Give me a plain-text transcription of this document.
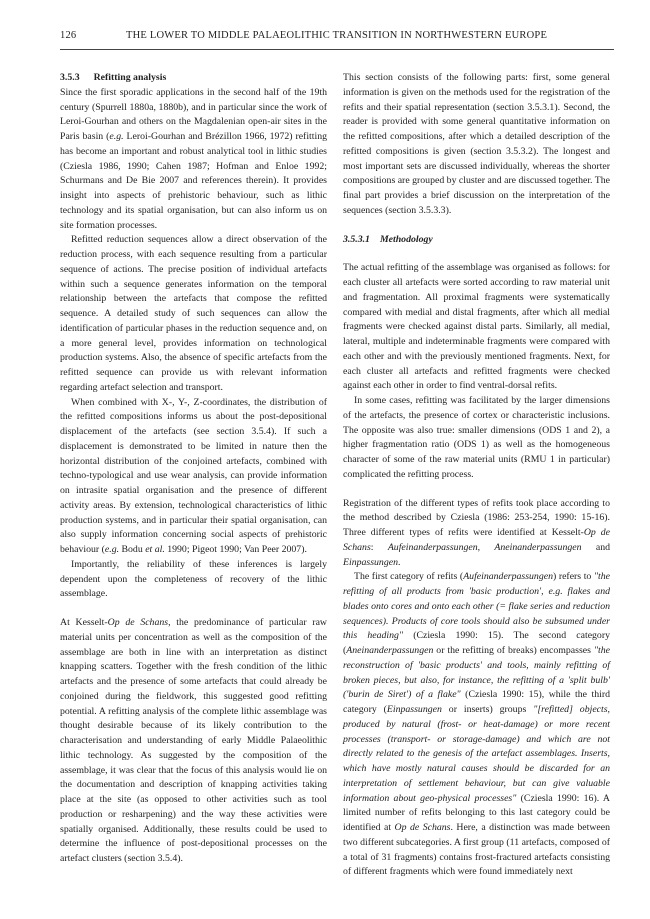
126	THE LOWER TO MIDDLE PALAEOLITHIC TRANSITION IN NORTHWESTERN EUROPE

3.5.3 Refitting analysis

Since the first sporadic applications in the second half of the 19th century (Spurrell 1880a, 1880b), and in particular since the work of Leroi-Gourhan and others on the Magdalenian open-air sites in the Paris basin (e.g. Leroi-Gourhan and Brézillon 1966, 1972) refitting has become an important and robust analytical tool in lithic studies (Cziesla 1986, 1990; Cahen 1987; Hofman and Enloe 1992; Schurmans and De Bie 2007 and references therein). It provides insight into aspects of prehistoric behaviour, such as lithic technology and its spatial organisation, but can also inform us on site formation processes.

Refitted reduction sequences allow a direct observation of the reduction process, with each sequence resulting from a particular sequence of actions. The precise position of individual artefacts within such a sequence generates information on the temporal relationship between the artefacts that compose the refitted sequence. A detailed study of such sequences can allow the identification of particular phases in the reduction sequence and, on a more general level, provides information on technological production systems. Also, the absence of specific artefacts from the refitted sequence can provide us with relevant information regarding artefact selection and transport.

When combined with X-, Y-, Z-coordinates, the distribution of the refitted compositions informs us about the post-depositional displacement of the artefacts (see section 3.5.4). If such a displacement is demonstrated to be limited in nature then the horizontal distribution of the conjoined artefacts, combined with techno-typological and use wear analysis, can provide information on intrasite spatial organisation and the presence of different activity areas. By extension, technological characteristics of lithic production systems, and in particular their spatial organisation, can also supply information concerning social aspects of prehistoric behaviour (e.g. Bodu et al. 1990; Pigeot 1990; Van Peer 2007).

Importantly, the reliability of these inferences is largely dependent upon the completeness of recovery of the lithic assemblage.

At Kesselt-Op de Schans, the predominance of particular raw material units per concentration as well as the composition of the assemblage are both in line with an interpretation as distinct knapping scatters. Together with the fresh condition of the lithic artefacts and the presence of some artefacts that could already be conjoined during the fieldwork, this suggested good refitting potential. A refitting analysis of the complete lithic assemblage was thought desirable because of its likely contribution to the characterisation and understanding of early Middle Palaeolithic lithic technology. As suggested by the composition of the assemblage, it was clear that the focus of this analysis would lie on the documentation and description of knapping activities taking place at the site (as opposed to other activities such as tool production or resharpening) and the way these activities were spatially organised. Additionally, these results could be used to determine the influence of post-depositional processes on the artefact clusters (section 3.5.4).

This section consists of the following parts: first, some general information is given on the methods used for the registration of the refits and their spatial representation (section 3.5.3.1). Second, the reader is provided with some general quantitative information on the refitted compositions, after which a detailed description of the refitted compositions is given (section 3.5.3.2). The longest and most important sets are discussed individually, whereas the shorter compositions are grouped by cluster and are discussed together. The final part provides a brief discussion on the interpretation of the sequences (section 3.5.3.3).

3.5.3.1 Methodology

The actual refitting of the assemblage was organised as follows: for each cluster all artefacts were sorted according to raw material unit and fragmentation. All proximal fragments were systematically compared with medial and distal fragments, after which all medial fragments were checked against distal parts. Similarly, all medial, lateral, multiple and indeterminable fragments were compared with each other and with the previously mentioned fragments. Next, for each cluster all artefacts and refitted fragments were checked against each other in order to find ventral-dorsal refits.

In some cases, refitting was facilitated by the larger dimensions of the artefacts, the presence of cortex or characteristic inclusions. The opposite was also true: smaller dimensions (ODS 1 and 2), a higher fragmentation ratio (ODS 1) as well as the homogeneous character of some of the raw material units (RMU 1 in particular) complicated the refitting process.

Registration of the different types of refits took place according to the method described by Cziesla (1986: 253-254, 1990: 15-16). Three different types of refits were identified at Kesselt-Op de Schans: Aufeinanderpassungen, Aneinanderpassungen and Einpassungen.

The first category of refits (Aufeinanderpassungen) refers to "the refitting of all products from 'basic production', e.g. flakes and blades onto cores and onto each other (= flake series and reduction sequences). Products of core tools should also be subsumed under this heading" (Cziesla 1990: 15). The second category (Aneinanderpassungen or the refitting of breaks) encompasses "the reconstruction of 'basic products' and tools, mainly refitting of broken pieces, but also, for instance, the refitting of a 'split bulb' ('burin de Siret') of a flake" (Cziesla 1990: 15), while the third category (Einpassungen or inserts) groups "[refitted] objects, produced by natural (frost- or heat-damage) or more recent processes (transport- or storage-damage) and which are not directly related to the genesis of the artefact assemblages. Inserts, which have mostly natural causes should be discarded for an interpretation of settlement behaviour, but can give valuable information about geo-physical processes" (Cziesla 1990: 16). A limited number of refits belonging to this last category could be identified at Op de Schans. Here, a distinction was made between two different subcategories. A first group (11 artefacts, composed of a total of 31 fragments) contains frost-fractured artefacts consisting of different fragments which were found immediately next
